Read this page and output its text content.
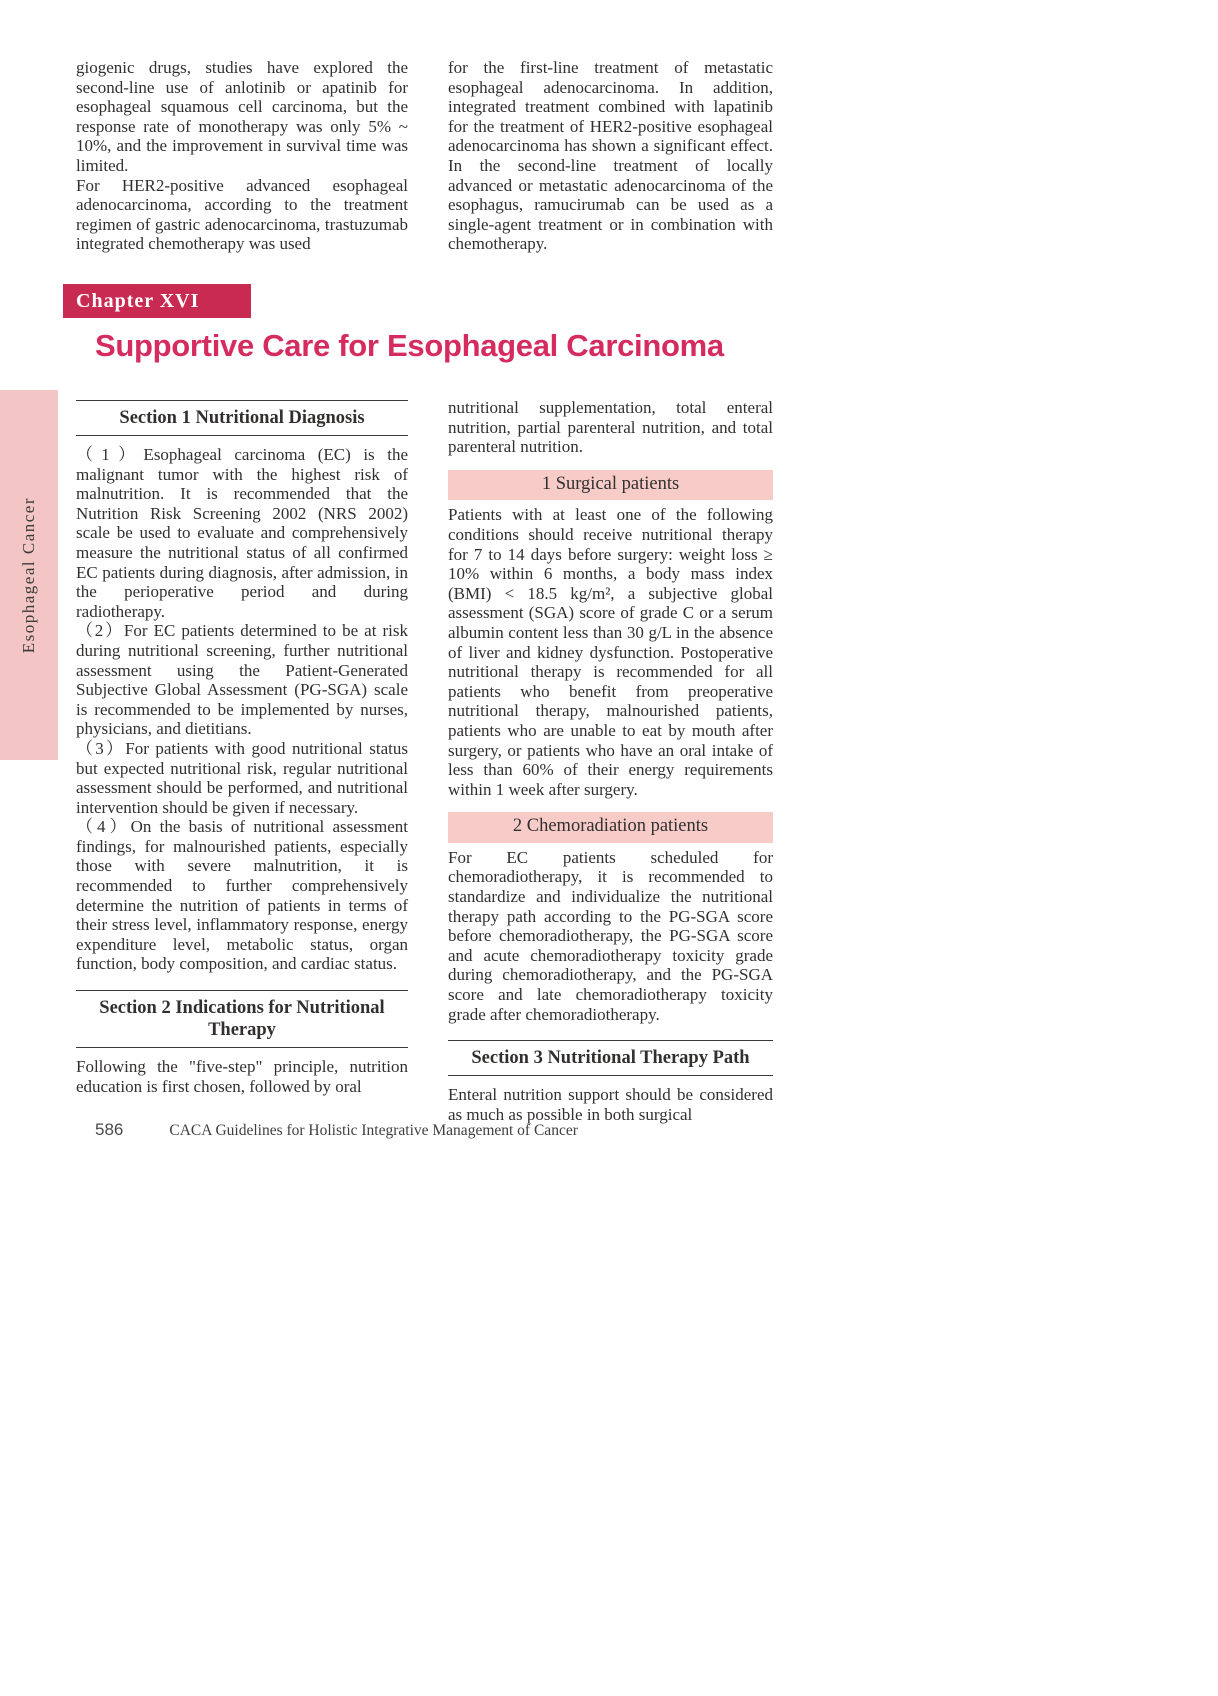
giogenic drugs, studies have explored the second-line use of anlotinib or apatinib for esophageal squamous cell carcinoma, but the response rate of monotherapy was only 5% ~ 10%, and the improvement in survival time was limited.

For HER2-positive advanced esophageal adenocarcinoma, according to the treatment regimen of gastric adenocarcinoma, trastuzumab integrated chemotherapy was used

for the first-line treatment of metastatic esophageal adenocarcinoma. In addition, integrated treatment combined with lapatinib for the treatment of HER2-positive esophageal adenocarcinoma has shown a significant effect. In the second-line treatment of locally advanced or metastatic adenocarcinoma of the esophagus, ramucirumab can be used as a single-agent treatment or in combination with chemotherapy.

Chapter XVI
Supportive Care for Esophageal Carcinoma
Esophageal Cancer
Section 1 Nutritional Diagnosis

（1）Esophageal carcinoma (EC) is the malignant tumor with the highest risk of malnutrition. It is recommended that the Nutrition Risk Screening 2002 (NRS 2002) scale be used to evaluate and comprehensively measure the nutritional status of all confirmed EC patients during diagnosis, after admission, in the perioperative period and during radiotherapy.

（2）For EC patients determined to be at risk during nutritional screening, further nutritional assessment using the Patient-Generated Subjective Global Assessment (PG-SGA) scale is recommended to be implemented by nurses, physicians, and dietitians.

（3）For patients with good nutritional status but expected nutritional risk, regular nutritional assessment should be performed, and nutritional intervention should be given if necessary.

（4）On the basis of nutritional assessment findings, for malnourished patients, especially those with severe malnutrition, it is recommended to further comprehensively determine the nutrition of patients in terms of their stress level, inflammatory response, energy expenditure level, metabolic status, organ function, body composition, and cardiac status.

Section 2 Indications for Nutritional Therapy

Following the "five-step" principle, nutrition education is first chosen, followed by oral

nutritional supplementation, total enteral nutrition, partial parenteral nutrition, and total parenteral nutrition.

1 Surgical patients

Patients with at least one of the following conditions should receive nutritional therapy for 7 to 14 days before surgery: weight loss ≥ 10% within 6 months, a body mass index (BMI) < 18.5 kg/m², a subjective global assessment (SGA) score of grade C or a serum albumin content less than 30 g/L in the absence of liver and kidney dysfunction. Postoperative nutritional therapy is recommended for all patients who benefit from preoperative nutritional therapy, malnourished patients, patients who are unable to eat by mouth after surgery, or patients who have an oral intake of less than 60% of their energy requirements within 1 week after surgery.

2 Chemoradiation patients

For EC patients scheduled for chemoradiotherapy, it is recommended to standardize and individualize the nutritional therapy path according to the PG-SGA score before chemoradiotherapy, the PG-SGA score and acute chemoradiotherapy toxicity grade during chemoradiotherapy, and the PG-SGA score and late chemoradiotherapy toxicity grade after chemoradiotherapy.

Section 3 Nutritional Therapy Path

Enteral nutrition support should be considered as much as possible in both surgical

586	CACA Guidelines for Holistic Integrative Management of Cancer
